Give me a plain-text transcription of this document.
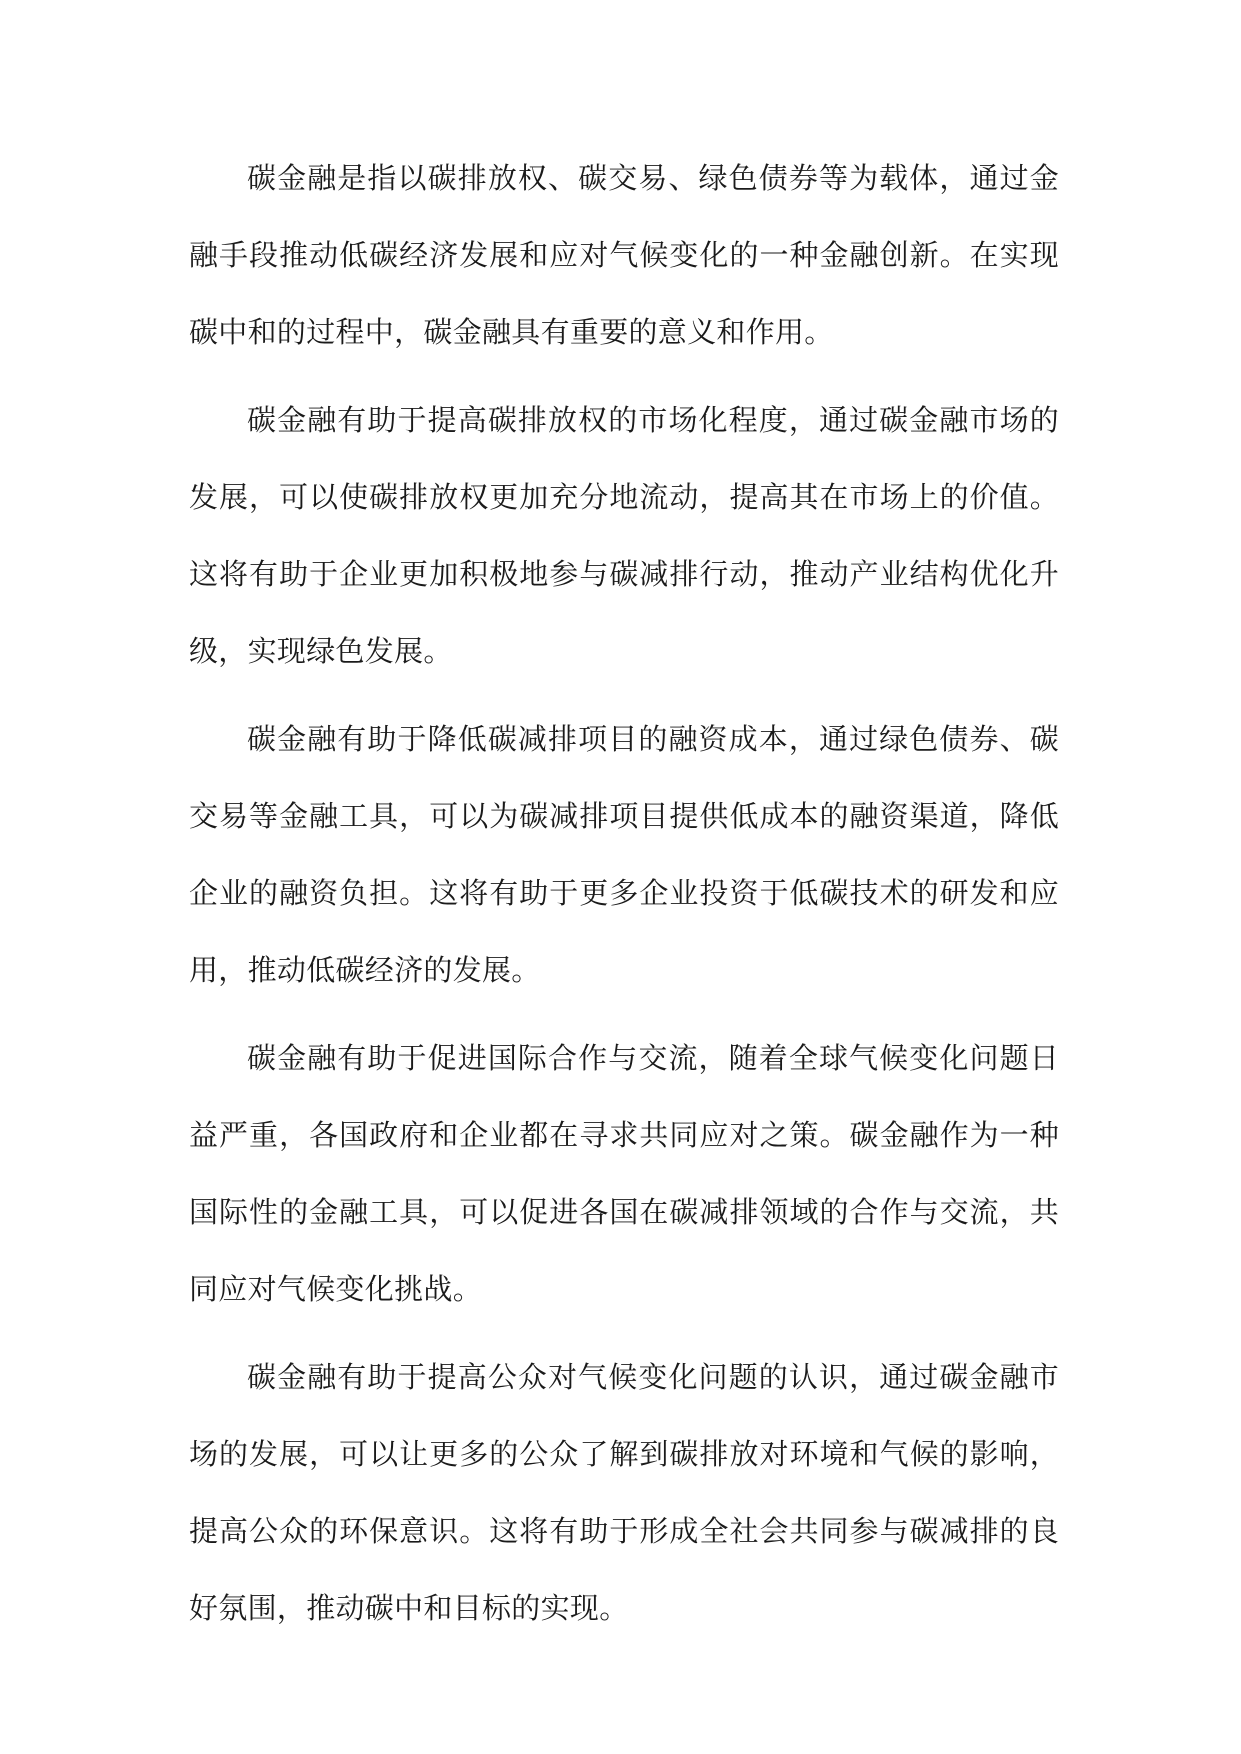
碳金融是指以碳排放权、碳交易、绿色债券等为载体，通过金融手段推动低碳经济发展和应对气候变化的一种金融创新。在实现碳中和的过程中，碳金融具有重要的意义和作用。

碳金融有助于提高碳排放权的市场化程度，通过碳金融市场的发展，可以使碳排放权更加充分地流动，提高其在市场上的价值。这将有助于企业更加积极地参与碳减排行动，推动产业结构优化升级，实现绿色发展。

碳金融有助于降低碳减排项目的融资成本，通过绿色债券、碳交易等金融工具，可以为碳减排项目提供低成本的融资渠道，降低企业的融资负担。这将有助于更多企业投资于低碳技术的研发和应用，推动低碳经济的发展。

碳金融有助于促进国际合作与交流，随着全球气候变化问题日益严重，各国政府和企业都在寻求共同应对之策。碳金融作为一种国际性的金融工具，可以促进各国在碳减排领域的合作与交流，共同应对气候变化挑战。

碳金融有助于提高公众对气候变化问题的认识，通过碳金融市场的发展，可以让更多的公众了解到碳排放对环境和气候的影响，提高公众的环保意识。这将有助于形成全社会共同参与碳减排的良好氛围，推动碳中和目标的实现。
